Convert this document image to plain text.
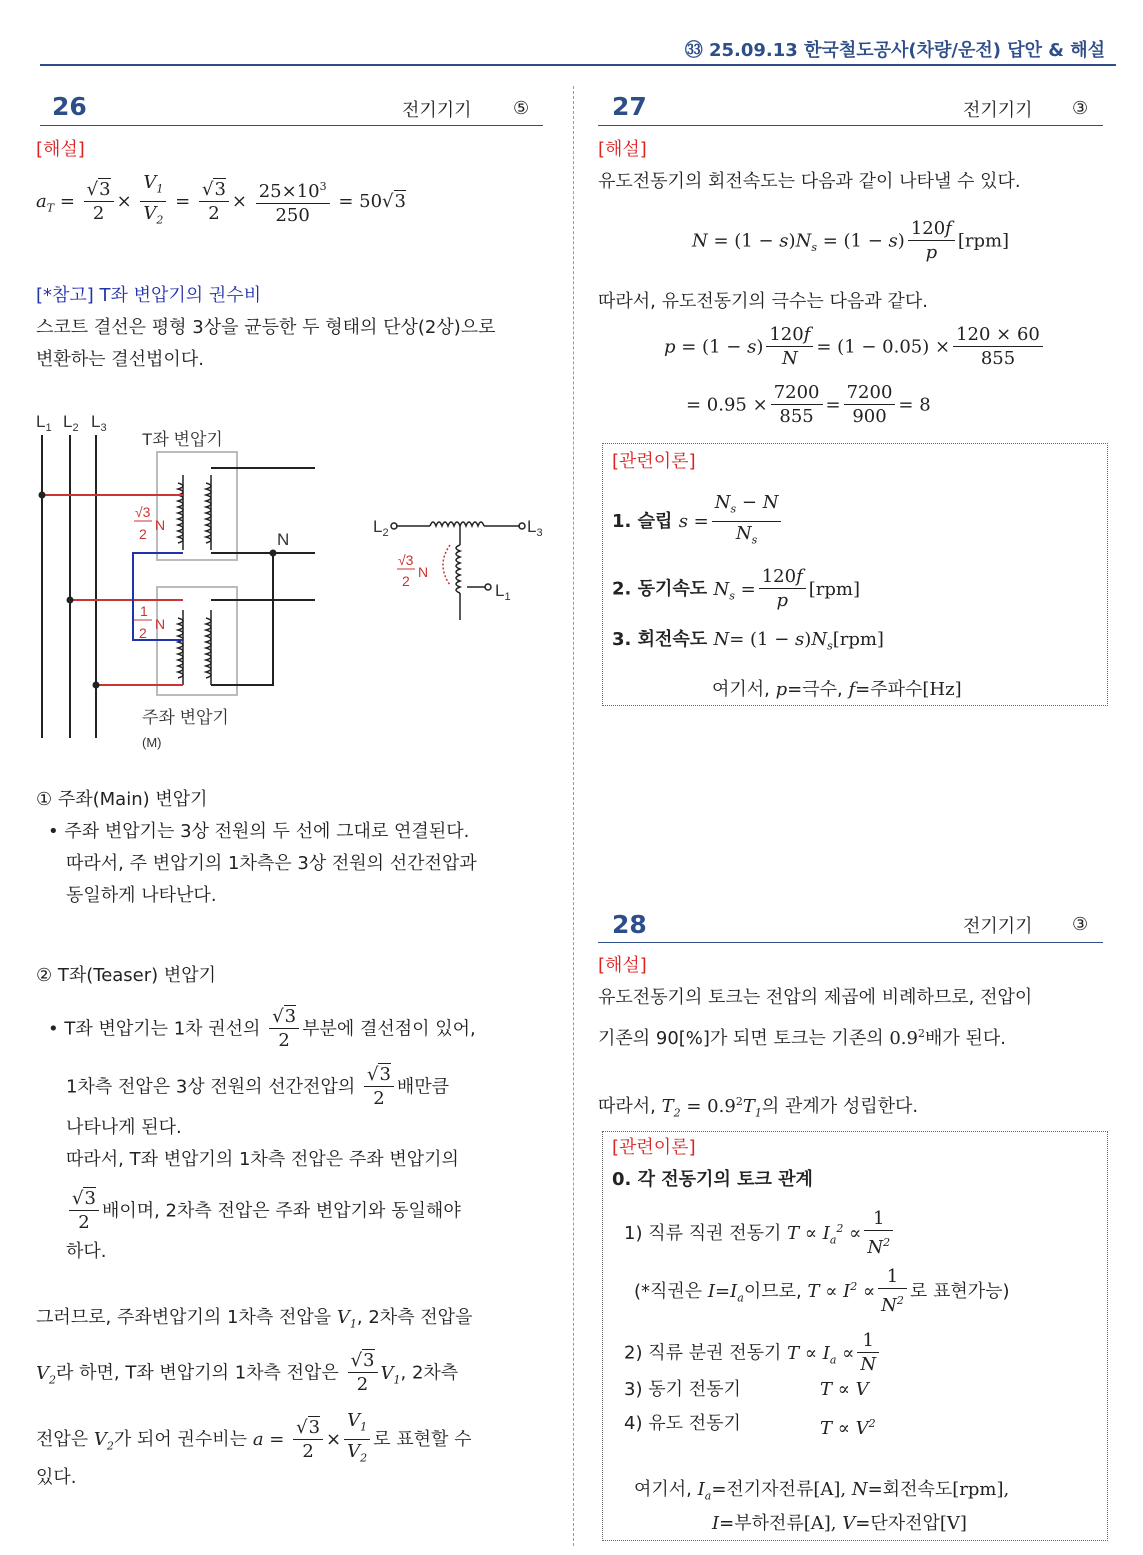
㉝ 25.09.13 한국철도공사(차량/운전) 답안 & 해설
26	전기기기 ⑤
[해설]
$a_T = \frac{√3}{2} \times \frac{V_1}{V_2} = \frac{√3}{2} \times \frac{25\times 10^3}{250} = 50√3$
[*참고] T좌 변압기의 권수비
스코트 결선은 평형 3상을 균등한 두 형태의 단상(2상)으로
변환하는 결선법이다.
$L_1$ $L_2$ $L_3$
T좌 변압기
주좌 변압기
(M)
N
√3
2
N
1
2
N
$L_2$	$L_3$
$L_1$
√3
2
N
① 주좌(Main) 변압기
• 주좌 변압기는 3상 전원의 두 선에 그대로 연결된다.
따라서, 주 변압기의 1차측은 3상 전원의 선간전압과
동일하게 나타난다.
② T좌(Teaser) 변압기
• T좌 변압기는 1차 권선의 $\frac{√3}{2}$ 부분에 결선점이 있어,
1차측 전압은 3상 전원의 선간전압의 $\frac{√3}{2}$ 배만큼
나타나게 된다.
따라서, T좌 변압기의 1차측 전압은 주좌 변압기의
$\frac{√3}{2}$ 배이며, 2차측 전압은 주좌 변압기와 동일해야
하다.
그러므로, 주좌변압기의 1차측 전압을 $V_1$, 2차측 전압을
$V_2$라 하면, T좌 변압기의 1차측 전압은 $\frac{√3}{2} V_1$, 2차측
전압은 $V_2$가 되어 권수비는 $a = \frac{√3}{2} \times \frac{V_1}{V_2}$ 로 표현할 수
있다.
27	전기기기 ③
[해설]
유도전동기의 회전속도는 다음과 같이 나타낼 수 있다.
$N = (1 - s)N_s = (1 - s) \frac{120f}{p} [rpm]$
따라서, 유도전동기의 극수는 다음과 같다.
$p = (1 - s) \frac{120f}{N} = (1 - 0.05) \times \frac{120 \times 60}{855}$
= $0.95 \times \frac{7200}{855} = \frac{7200}{900} = 8$
[관련이론]
1. 슬립 $s = \frac{N_s - N}{N_s}$
2. 동기속도 $N_s = \frac{120f}{p} [rpm]$
3. 회전속도 $N= (1 - s)N_s[rpm]$
여기서, p=극수, f=주파수[Hz]
28	전기기기 ③
[해설]
유도전동기의 토크는 전압의 제곱에 비례하므로, 전압이
기존의 90[%]가 되면 토크는 기존의 $0.9^2$배가 된다.
따라서, $T_2 = 0.9^2T_1$의 관계가 성립한다.
[관련이론]
0. 각 전동기의 토크 관계
1) 직류 직권 전동기 $T \propto I_a^2 \propto \frac{1}{N^2}$
(*직권은 $I=I_a$이므로, $T \propto I^2 \propto \frac{1}{N^2}$ 로 표현가능)
2) 직류 분권 전동기 $T \propto I_a \propto \frac{1}{N}$
3) 동기 전동기	T ∝ V
4) 유도 전동기	$T \propto V^2$
여기서, $I_a=$전기자전류[A], N=회전속도[rpm],
I=부하전류[A], V=단자전압[V]
